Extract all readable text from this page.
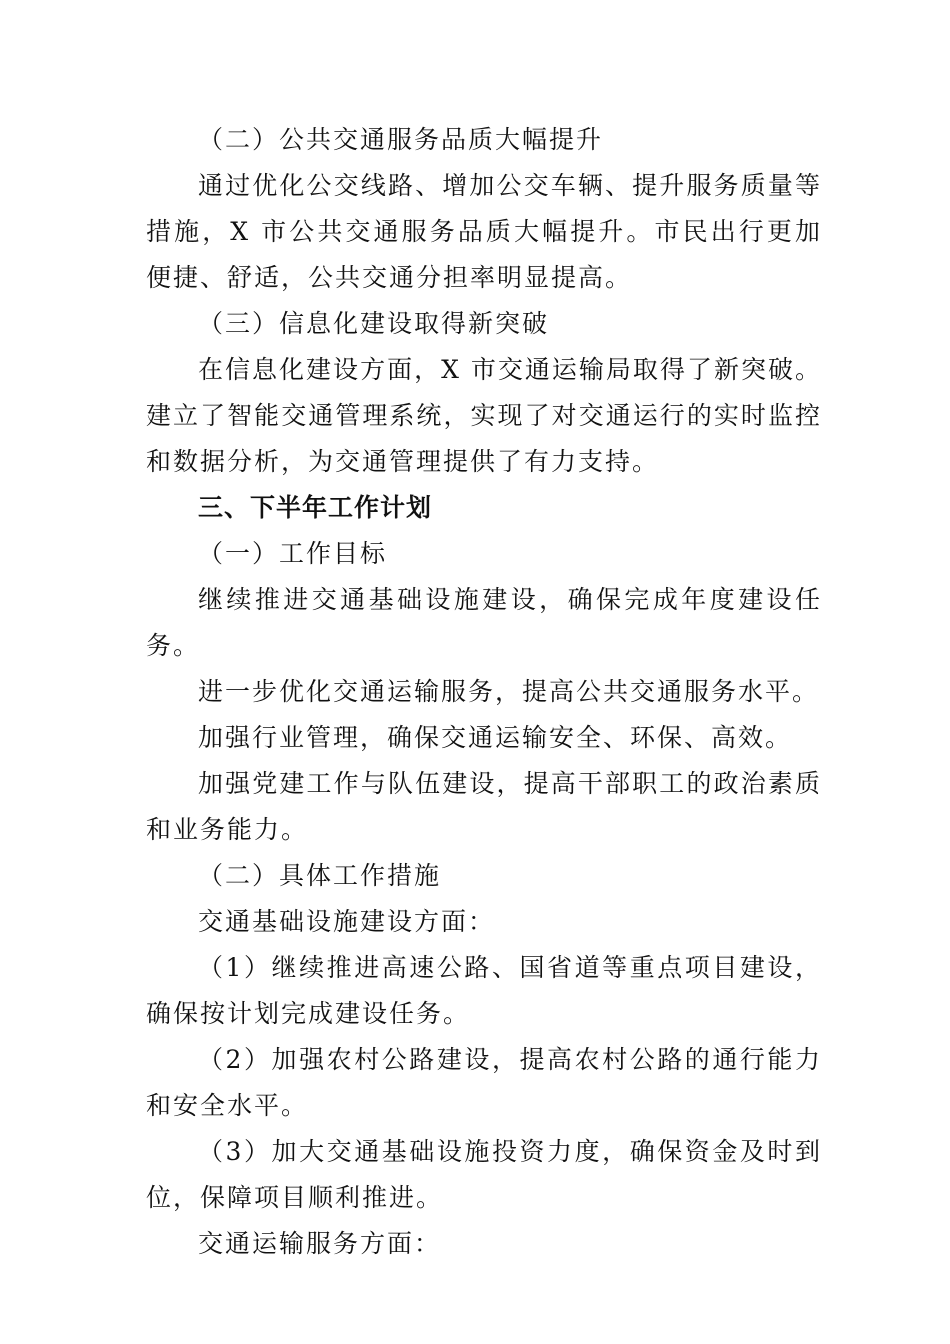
（二）公共交通服务品质大幅提升

通过优化公交线路、增加公交车辆、提升服务质量等措施，X 市公共交通服务品质大幅提升。市民出行更加便捷、舒适，公共交通分担率明显提高。

（三）信息化建设取得新突破

在信息化建设方面，X 市交通运输局取得了新突破。建立了智能交通管理系统，实现了对交通运行的实时监控和数据分析，为交通管理提供了有力支持。

三、下半年工作计划

（一）工作目标

继续推进交通基础设施建设，确保完成年度建设任务。

进一步优化交通运输服务，提高公共交通服务水平。

加强行业管理，确保交通运输安全、环保、高效。

加强党建工作与队伍建设，提高干部职工的政治素质和业务能力。

（二）具体工作措施

交通基础设施建设方面：

（1）继续推进高速公路、国省道等重点项目建设，确保按计划完成建设任务。

（2）加强农村公路建设，提高农村公路的通行能力和安全水平。

（3）加大交通基础设施投资力度，确保资金及时到位，保障项目顺利推进。

交通运输服务方面：
